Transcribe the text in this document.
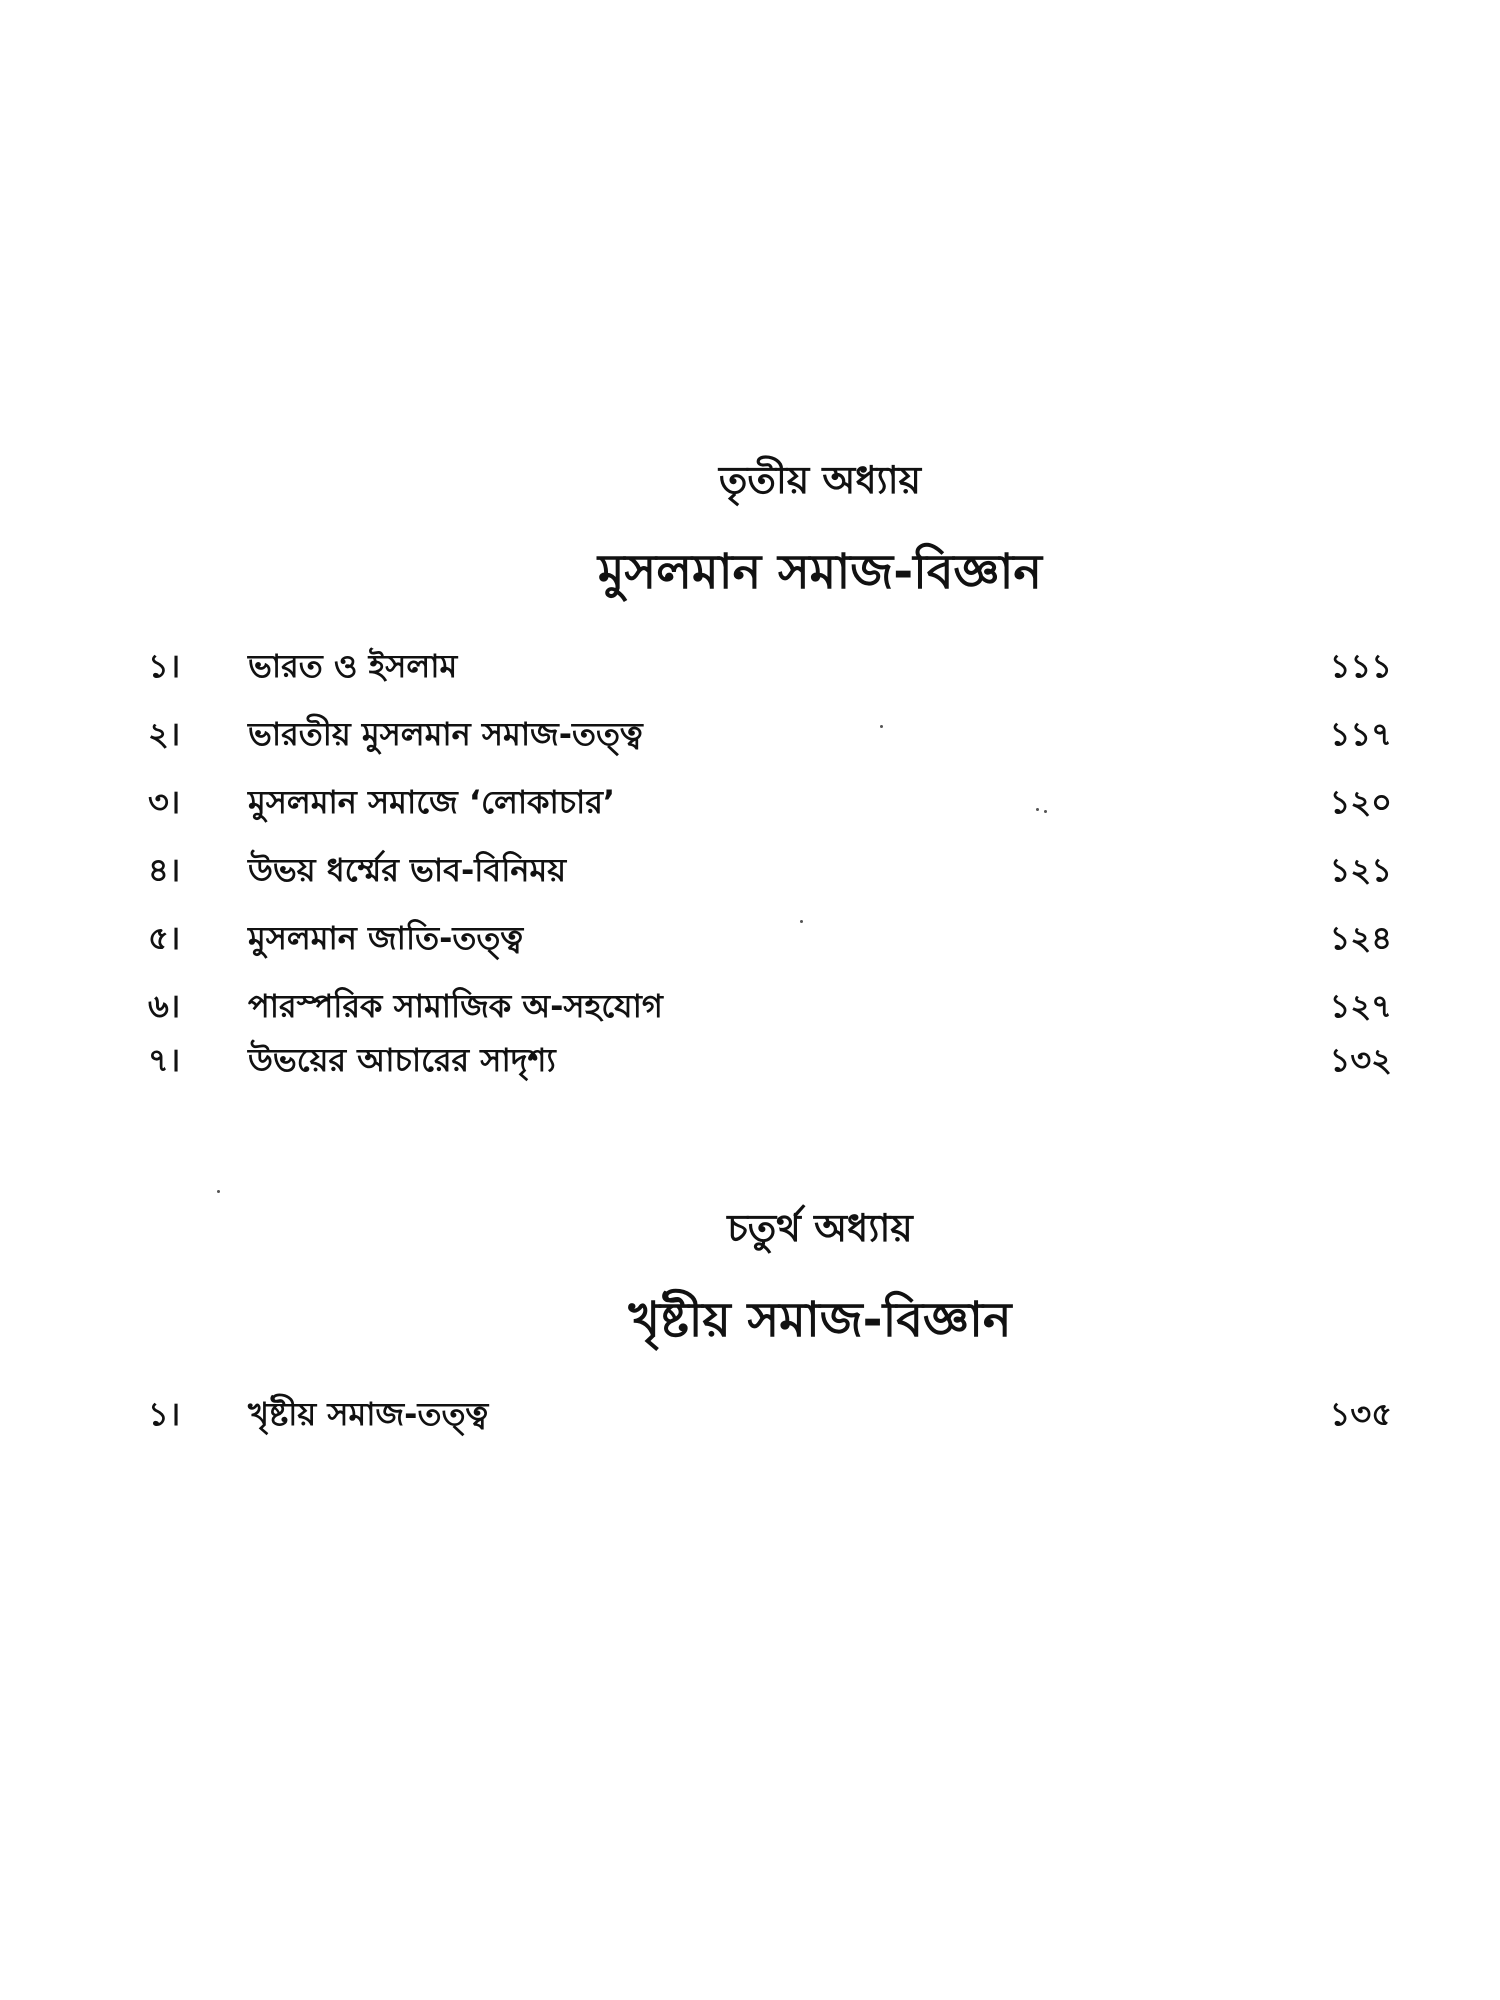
তৃতীয় অধ্যায়
মুসলমান সমাজ-বিজ্ঞান
১।	ভারত ও ইসলাম	১১১
২।	ভারতীয় মুসলমান সমাজ-তত্ত্ব	১১৭
৩।	মুসলমান সমাজে ‘লোকাচার’	১২০
৪।	উভয় ধর্ম্মের ভাব-বিনিময়	১২১
৫।	মুসলমান জাতি-তত্ত্ব	১২৪
৬।	পারস্পরিক সামাজিক অ-সহযোগ	১২৭
৭।	উভয়ের আচারের সাদৃশ্য	১৩২
চতুর্থ অধ্যায়
খৃষ্টীয় সমাজ-বিজ্ঞান
১।	খৃষ্টীয় সমাজ-তত্ত্ব	১৩৫
